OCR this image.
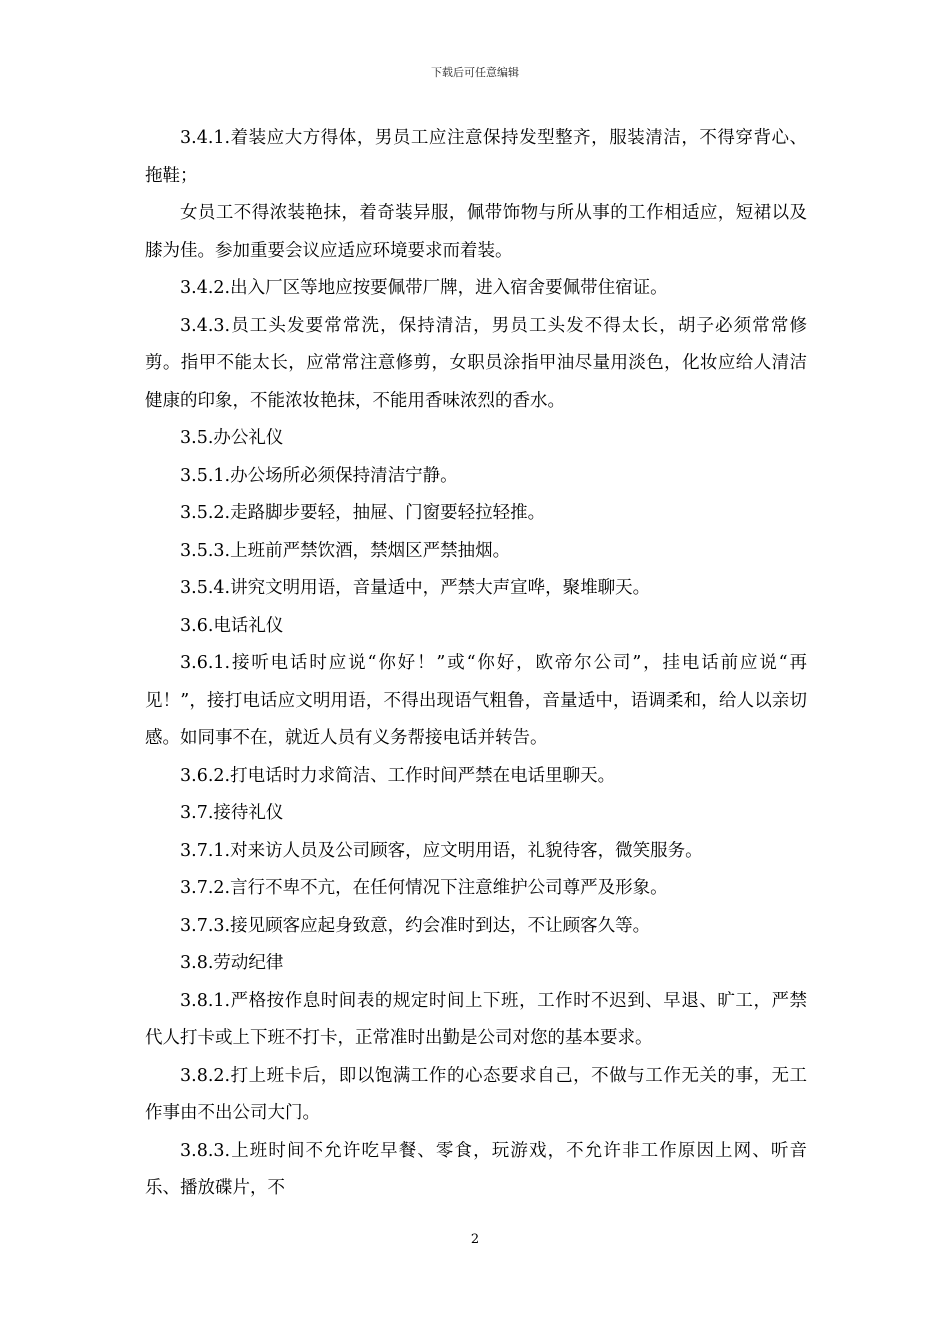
下载后可任意编辑

3.4.1.着装应大方得体，男员工应注意保持发型整齐，服装清洁，不得穿背心、拖鞋；

女员工不得浓装艳抹，着奇装异服，佩带饰物与所从事的工作相适应，短裙以及膝为佳。参加重要会议应适应环境要求而着装。

3.4.2.出入厂区等地应按要佩带厂牌，进入宿舍要佩带住宿证。

3.4.3.员工头发要常常洗，保持清洁，男员工头发不得太长，胡子必须常常修剪。指甲不能太长，应常常注意修剪，女职员涂指甲油尽量用淡色，化妆应给人清洁健康的印象，不能浓妆艳抹，不能用香味浓烈的香水。

3.5.办公礼仪

3.5.1.办公场所必须保持清洁宁静。

3.5.2.走路脚步要轻，抽屉、门窗要轻拉轻推。

3.5.3.上班前严禁饮酒，禁烟区严禁抽烟。

3.5.4.讲究文明用语，音量适中，严禁大声宣哗，聚堆聊天。

3.6.电话礼仪

3.6.1.接听电话时应说“你好！”或“你好，欧帝尔公司”，挂电话前应说“再见！”，接打电话应文明用语，不得出现语气粗鲁，音量适中，语调柔和，给人以亲切感。如同事不在，就近人员有义务帮接电话并转告。

3.6.2.打电话时力求简洁、工作时间严禁在电话里聊天。

3.7.接待礼仪

3.7.1.对来访人员及公司顾客，应文明用语，礼貌待客，微笑服务。

3.7.2.言行不卑不亢，在任何情况下注意维护公司尊严及形象。

3.7.3.接见顾客应起身致意，约会准时到达，不让顾客久等。

3.8.劳动纪律

3.8.1.严格按作息时间表的规定时间上下班，工作时不迟到、早退、旷工，严禁代人打卡或上下班不打卡，正常准时出勤是公司对您的基本要求。

3.8.2.打上班卡后，即以饱满工作的心态要求自己，不做与工作无关的事，无工作事由不出公司大门。

3.8.3.上班时间不允许吃早餐、零食，玩游戏，不允许非工作原因上网、听音乐、播放碟片，不

2
